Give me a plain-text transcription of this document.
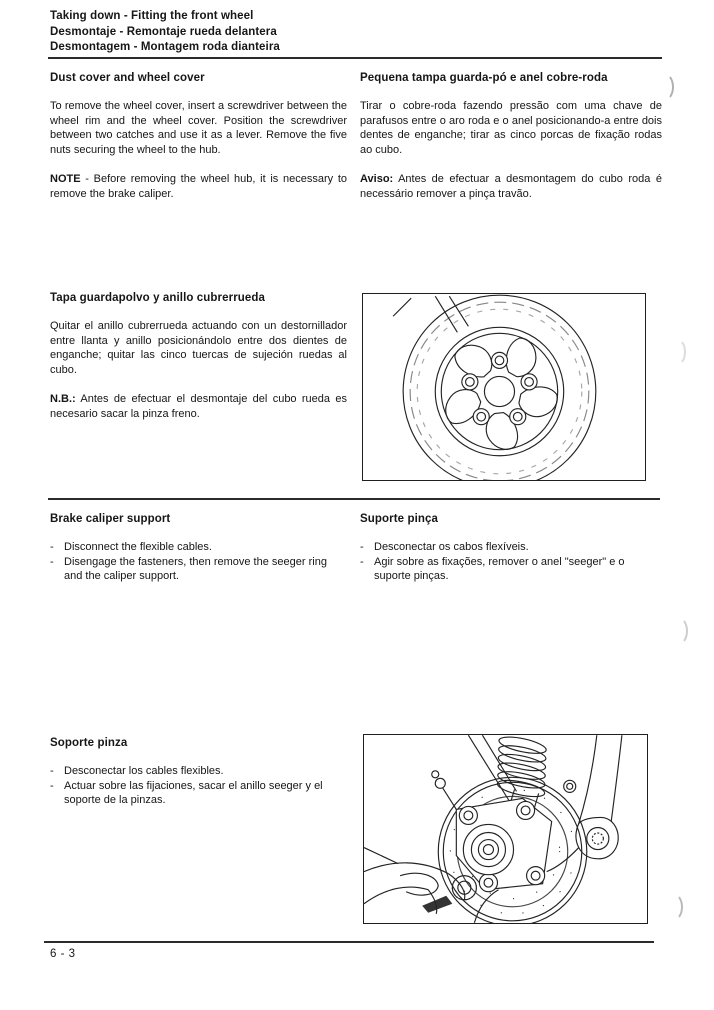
Taking down - Fitting the front wheel
Desmontaje - Remontaje rueda delantera
Desmontagem - Montagem roda dianteira
Dust cover and wheel cover

To remove the wheel cover, insert a screwdriver between the wheel rim and the wheel cover. Position the screwdriver between two catches and use it as a lever. Remove the five nuts securing the wheel to the hub.

NOTE - Before removing the wheel hub, it is necessary to remove the brake caliper.

Pequena tampa guarda-pó e anel cobre-roda

Tirar o cobre-roda fazendo pressão com uma chave de parafusos entre o aro roda e o anel posicionando-a entre dois dentes de enganche; tirar as cinco porcas de fixação rodas ao cubo.

Aviso: Antes de efectuar a desmontagem do cubo roda é necessário remover a pinça travão.

Tapa guardapolvo y anillo cubrerrueda

Quitar el anillo cubrerrueda actuando con un destornillador entre llanta y anillo posicionándolo entre dos dientes de enganche; quitar las cinco tuercas de sujeción ruedas al cubo.

N.B.: Antes de efectuar el desmontaje del cubo rueda es necesario sacar la pinza freno.

Brake caliper support
- Disconnect the flexible cables.
- Disengage the fasteners, then remove the seeger ring and the caliper support.
Suporte pinça
- Desconectar os cabos flexíveis.
- Agir sobre as fixações, remover o anel "seeger" e o suporte pinças.
Soporte pinza
- Desconectar los cables flexibles.
- Actuar sobre las fijaciones, sacar el anillo seeger y el soporte de la pinzas.
6 - 3
